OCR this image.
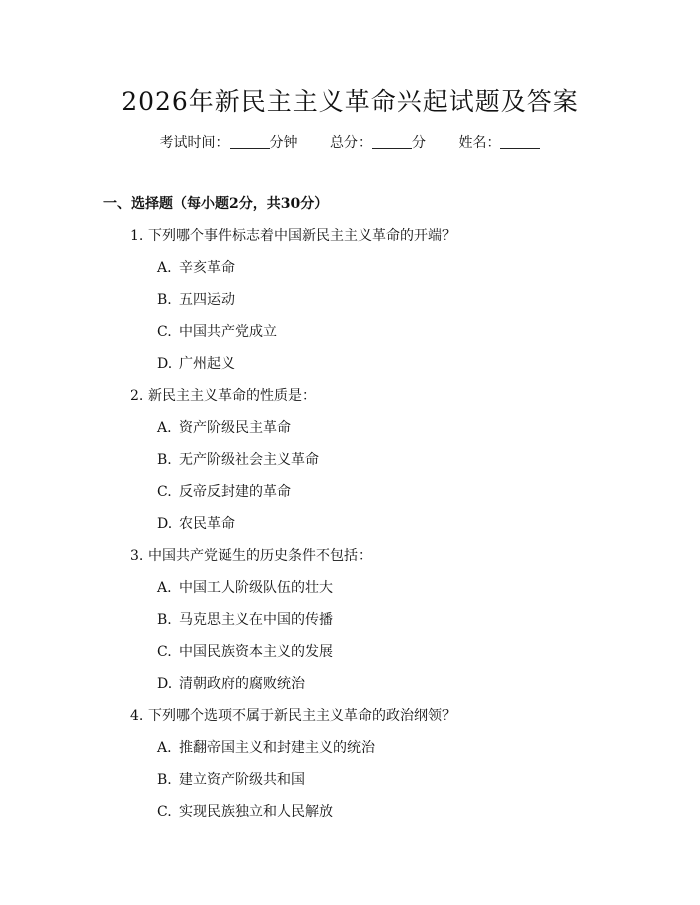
2026年新民主主义革命兴起试题及答案
考试时间：	分钟 总分：	分 姓名：
一、选择题（每小题2分，共30分）
1. 下列哪个事件标志着中国新民主主义革命的开端？
A. 辛亥革命
B. 五四运动
C. 中国共产党成立
D. 广州起义
2. 新民主主义革命的性质是：
A. 资产阶级民主革命
B. 无产阶级社会主义革命
C. 反帝反封建的革命
D. 农民革命
3. 中国共产党诞生的历史条件不包括：
A. 中国工人阶级队伍的壮大
B. 马克思主义在中国的传播
C. 中国民族资本主义的发展
D. 清朝政府的腐败统治
4. 下列哪个选项不属于新民主主义革命的政治纲领？
A. 推翻帝国主义和封建主义的统治
B. 建立资产阶级共和国
C. 实现民族独立和人民解放
